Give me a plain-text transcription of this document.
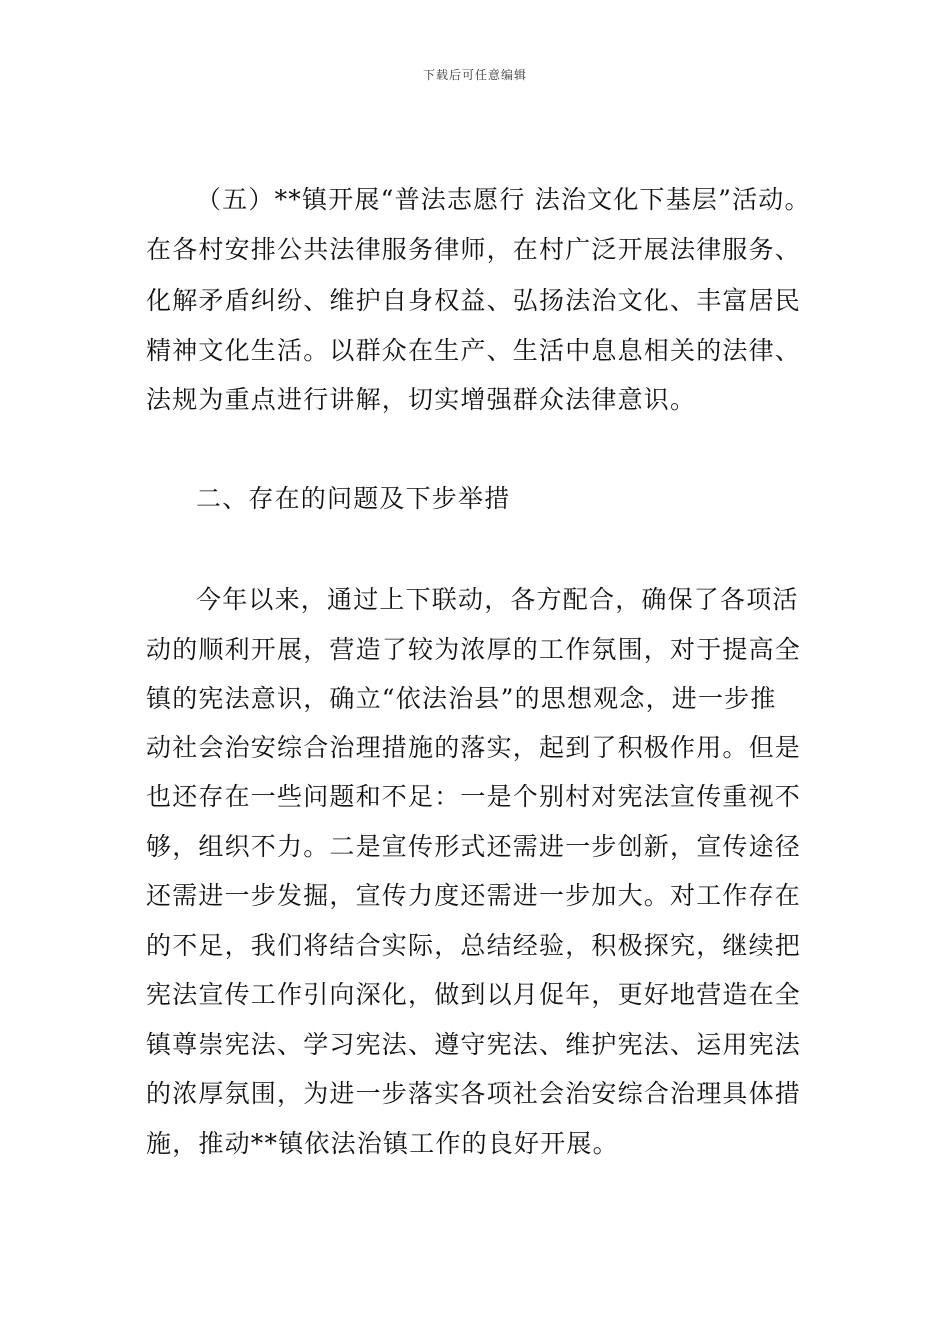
下载后可任意编辑
（五）**镇开展“普法志愿行 法治文化下基层”活动。
在各村安排公共法律服务律师，在村广泛开展法律服务、
化解矛盾纠纷、维护自身权益、弘扬法治文化、丰富居民
精神文化生活。以群众在生产、生活中息息相关的法律、
法规为重点进行讲解，切实增强群众法律意识。
二、存在的问题及下步举措
今年以来，通过上下联动，各方配合，确保了各项活
动的顺利开展，营造了较为浓厚的工作氛围，对于提高全
镇的宪法意识，确立“依法治县”的思想观念，进一步推
动社会治安综合治理措施的落实，起到了积极作用。但是
也还存在一些问题和不足：一是个别村对宪法宣传重视不
够，组织不力。二是宣传形式还需进一步创新，宣传途径
还需进一步发掘，宣传力度还需进一步加大。对工作存在
的不足，我们将结合实际，总结经验，积极探究，继续把
宪法宣传工作引向深化，做到以月促年，更好地营造在全
镇尊崇宪法、学习宪法、遵守宪法、维护宪法、运用宪法
的浓厚氛围，为进一步落实各项社会治安综合治理具体措
施，推动**镇依法治镇工作的良好开展。
